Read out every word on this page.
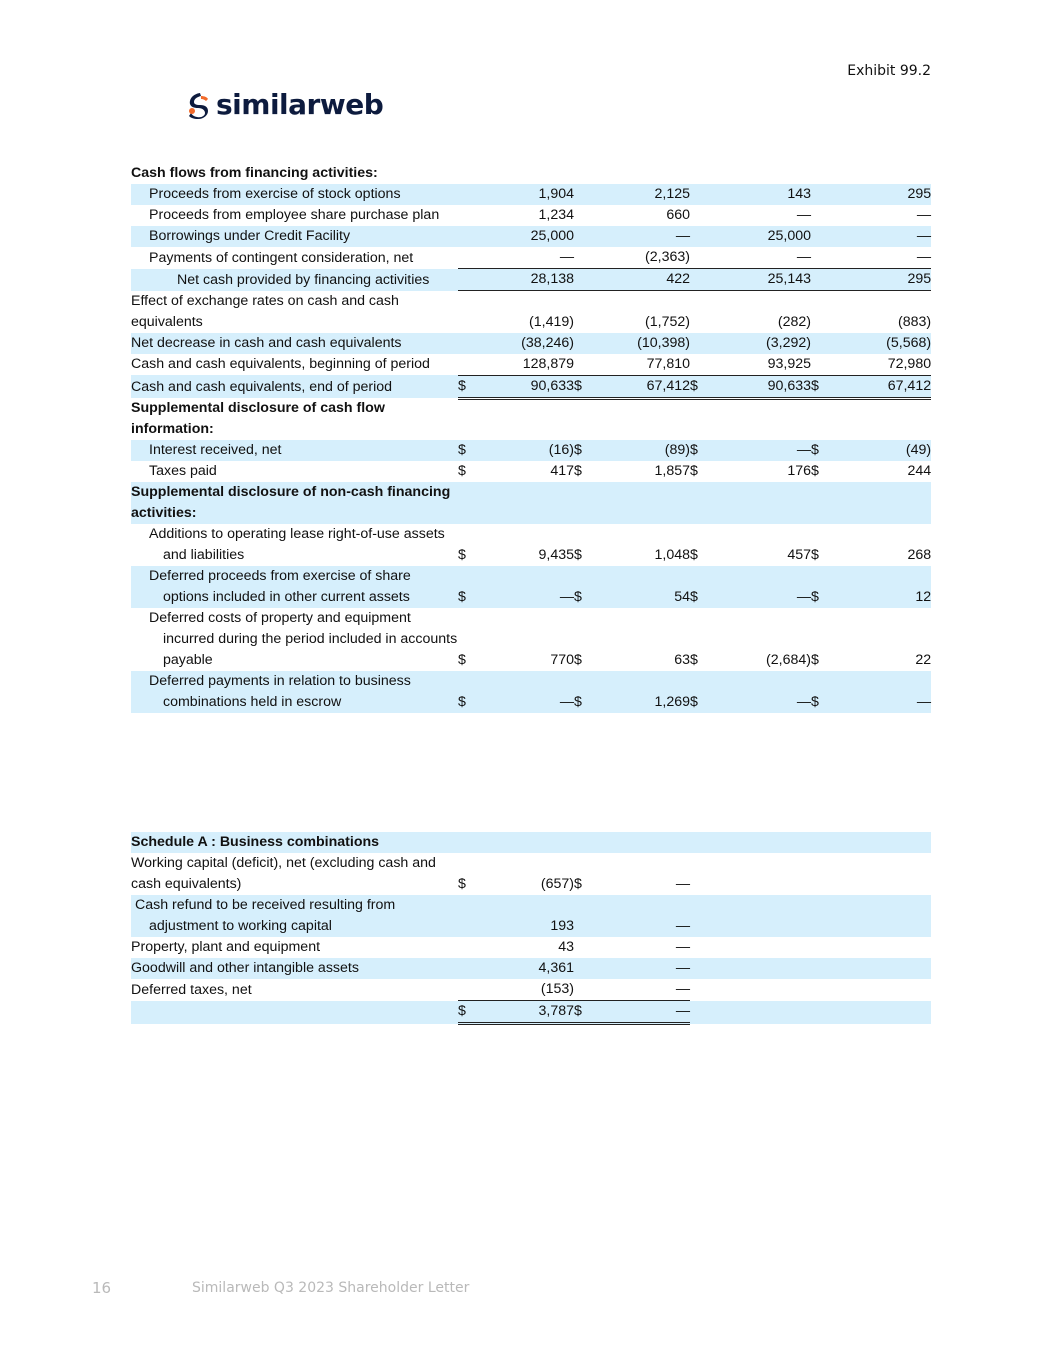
Exhibit 99.2
similarweb
Cash flows from financing activities:								
Proceeds from exercise of stock options		1,904		2,125		143		295
Proceeds from employee share purchase plan		1,234		660		—		—
Borrowings under Credit Facility		25,000		—		25,000		—
Payments of contingent consideration, net		—		(2,363)		—		—
Net cash provided by financing activities		28,138		422		25,143		295
Effect of exchange rates on cash and cash equivalents		(1,419)		(1,752)		(282)		(883)
Net decrease in cash and cash equivalents		(38,246)		(10,398)		(3,292)		(5,568)
Cash and cash equivalents, beginning of period		128,879		77,810		93,925		72,980
Cash and cash equivalents, end of period	$	90,633	$	67,412	$	90,633	$	67,412
Supplemental disclosure of cash flow information:								
Interest received, net	$	(16)	$	(89)	$	—	$	(49)
Taxes paid	$	417	$	1,857	$	176	$	244
Supplemental disclosure of non-cash financing activities:								
Additions to operating lease right-of-use assets and liabilities	$	9,435	$	1,048	$	457	$	268
Deferred proceeds from exercise of share options included in other current assets	$	—	$	54	$	—	$	12
Deferred costs of property and equipment incurred during the period included in accounts payable	$	770	$	63	$	(2,684)	$	22
Deferred payments in relation to business combinations held in escrow	$	—	$	1,269	$	—	$	—
Schedule A : Business combinations					
Working capital (deficit), net (excluding cash and cash equivalents)	$	(657)	$	—	
Cash refund to be received resulting from adjustment to working capital		193		—	
Property, plant and equipment		43		—	
Goodwill and other intangible assets		4,361		—	
Deferred taxes, net		(153)		—	
	$	3,787	$	—	
16	Similarweb Q3 2023 Shareholder Letter
